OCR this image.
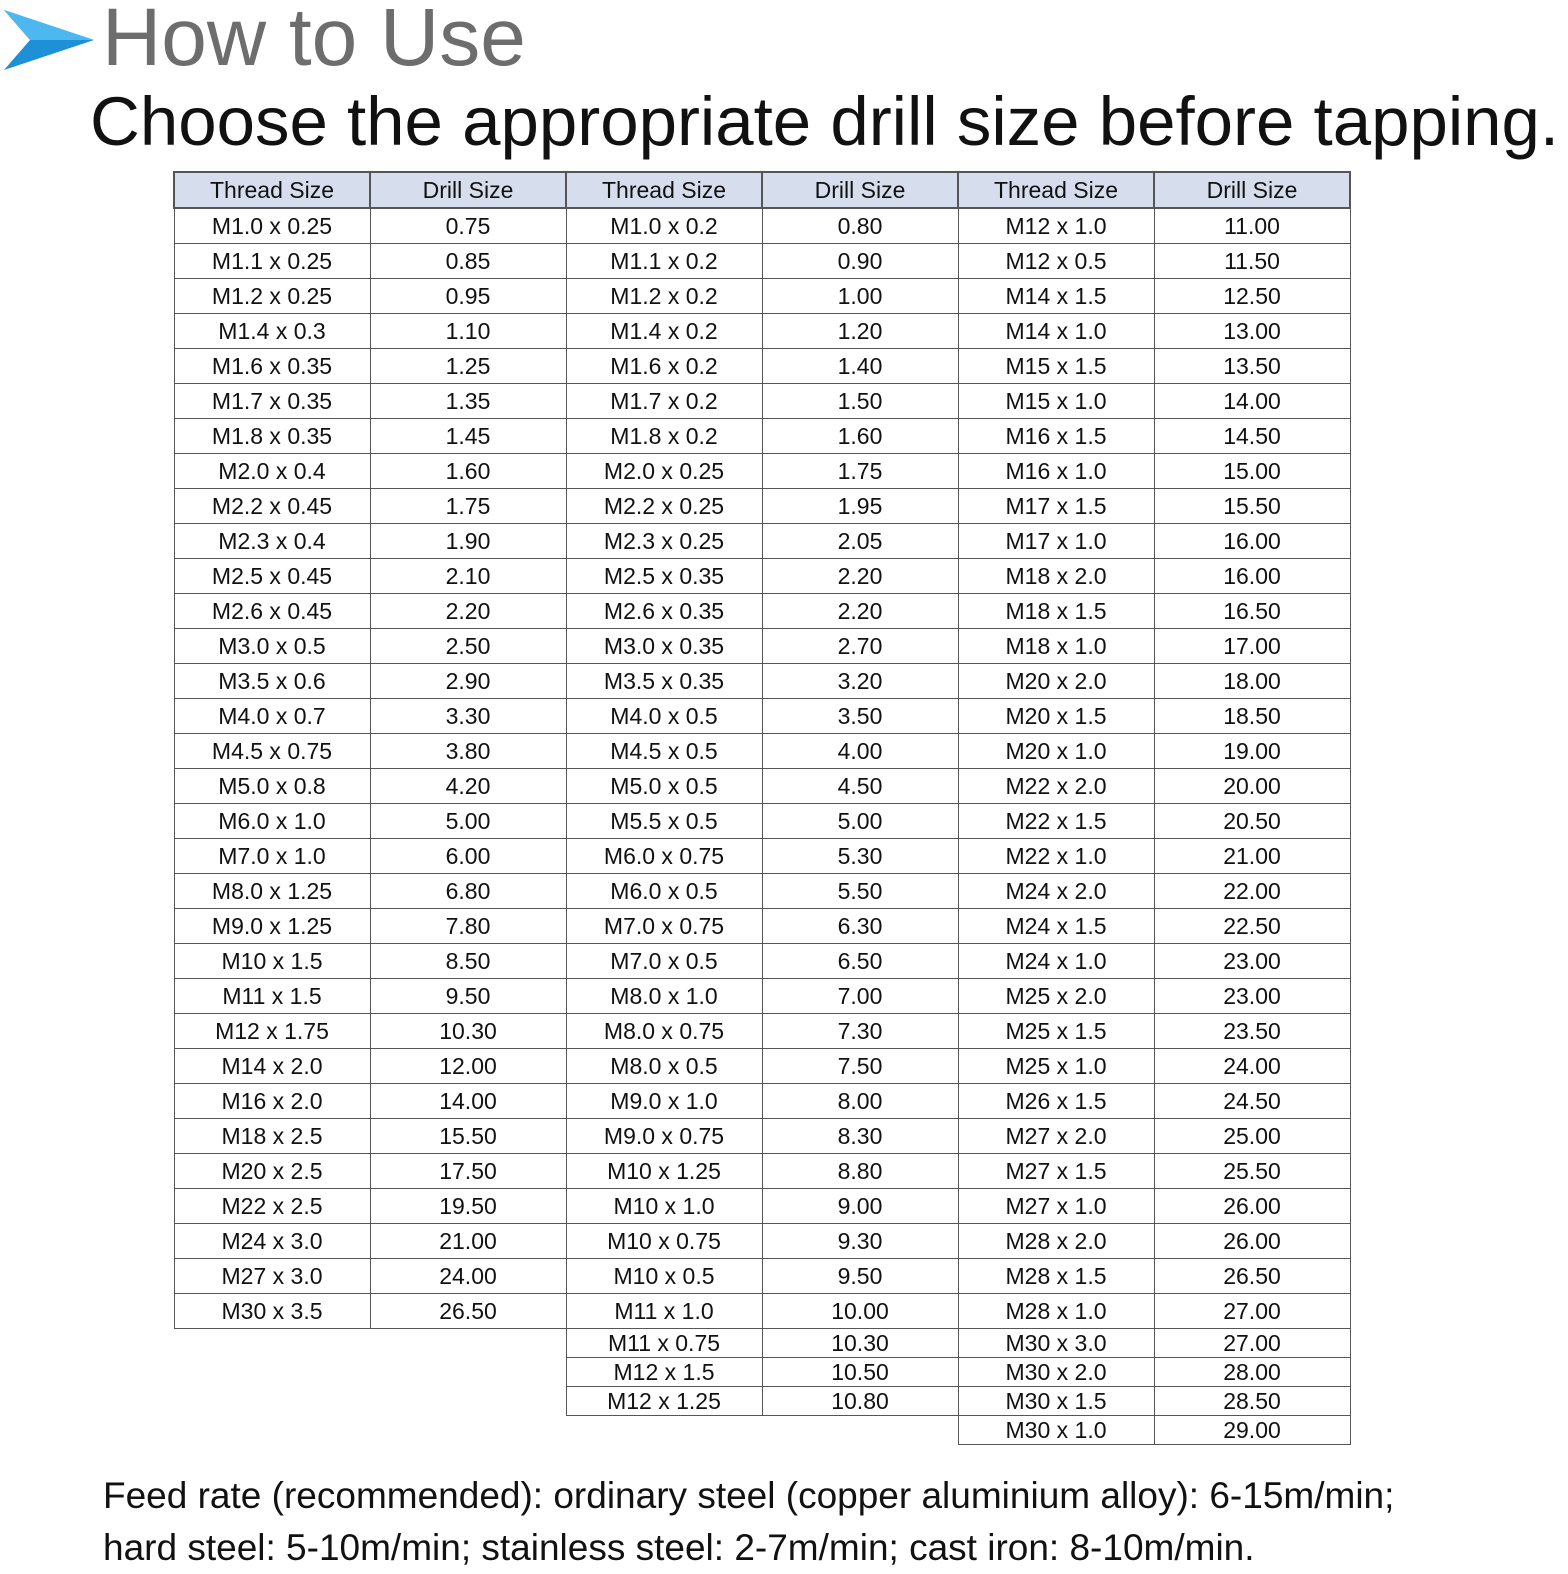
How to Use
Choose the appropriate drill size before tapping.
Thread Size	Drill Size	Thread Size	Drill Size	Thread Size	Drill Size
M1.0 x 0.25	0.75	M1.0 x 0.2	0.80	M12 x 1.0	11.00
M1.1 x 0.25	0.85	M1.1 x 0.2	0.90	M12 x 0.5	11.50
M1.2 x 0.25	0.95	M1.2 x 0.2	1.00	M14 x 1.5	12.50
M1.4 x 0.3	1.10	M1.4 x 0.2	1.20	M14 x 1.0	13.00
M1.6 x 0.35	1.25	M1.6 x 0.2	1.40	M15 x 1.5	13.50
M1.7 x 0.35	1.35	M1.7 x 0.2	1.50	M15 x 1.0	14.00
M1.8 x 0.35	1.45	M1.8 x 0.2	1.60	M16 x 1.5	14.50
M2.0 x 0.4	1.60	M2.0 x 0.25	1.75	M16 x 1.0	15.00
M2.2 x 0.45	1.75	M2.2 x 0.25	1.95	M17 x 1.5	15.50
M2.3 x 0.4	1.90	M2.3 x 0.25	2.05	M17 x 1.0	16.00
M2.5 x 0.45	2.10	M2.5 x 0.35	2.20	M18 x 2.0	16.00
M2.6 x 0.45	2.20	M2.6 x 0.35	2.20	M18 x 1.5	16.50
M3.0 x 0.5	2.50	M3.0 x 0.35	2.70	M18 x 1.0	17.00
M3.5 x 0.6	2.90	M3.5 x 0.35	3.20	M20 x 2.0	18.00
M4.0 x 0.7	3.30	M4.0 x 0.5	3.50	M20 x 1.5	18.50
M4.5 x 0.75	3.80	M4.5 x 0.5	4.00	M20 x 1.0	19.00
M5.0 x 0.8	4.20	M5.0 x 0.5	4.50	M22 x 2.0	20.00
M6.0 x 1.0	5.00	M5.5 x 0.5	5.00	M22 x 1.5	20.50
M7.0 x 1.0	6.00	M6.0 x 0.75	5.30	M22 x 1.0	21.00
M8.0 x 1.25	6.80	M6.0 x 0.5	5.50	M24 x 2.0	22.00
M9.0 x 1.25	7.80	M7.0 x 0.75	6.30	M24 x 1.5	22.50
M10 x 1.5	8.50	M7.0 x 0.5	6.50	M24 x 1.0	23.00
M11 x 1.5	9.50	M8.0 x 1.0	7.00	M25 x 2.0	23.00
M12 x 1.75	10.30	M8.0 x 0.75	7.30	M25 x 1.5	23.50
M14 x 2.0	12.00	M8.0 x 0.5	7.50	M25 x 1.0	24.00
M16 x 2.0	14.00	M9.0 x 1.0	8.00	M26 x 1.5	24.50
M18 x 2.5	15.50	M9.0 x 0.75	8.30	M27 x 2.0	25.00
M20 x 2.5	17.50	M10 x 1.25	8.80	M27 x 1.5	25.50
M22 x 2.5	19.50	M10 x 1.0	9.00	M27 x 1.0	26.00
M24 x 3.0	21.00	M10 x 0.75	9.30	M28 x 2.0	26.00
M27 x 3.0	24.00	M10 x 0.5	9.50	M28 x 1.5	26.50
M30 x 3.5	26.50	M11 x 1.0	10.00	M28 x 1.0	27.00
		M11 x 0.75	10.30	M30 x 3.0	27.00
		M12 x 1.5	10.50	M30 x 2.0	28.00
		M12 x 1.25	10.80	M30 x 1.5	28.50
				M30 x 1.0	29.00
Feed rate (recommended): ordinary steel (copper aluminium alloy): 6-15m/min;
hard steel: 5-10m/min; stainless steel: 2-7m/min; cast iron: 8-10m/min.
